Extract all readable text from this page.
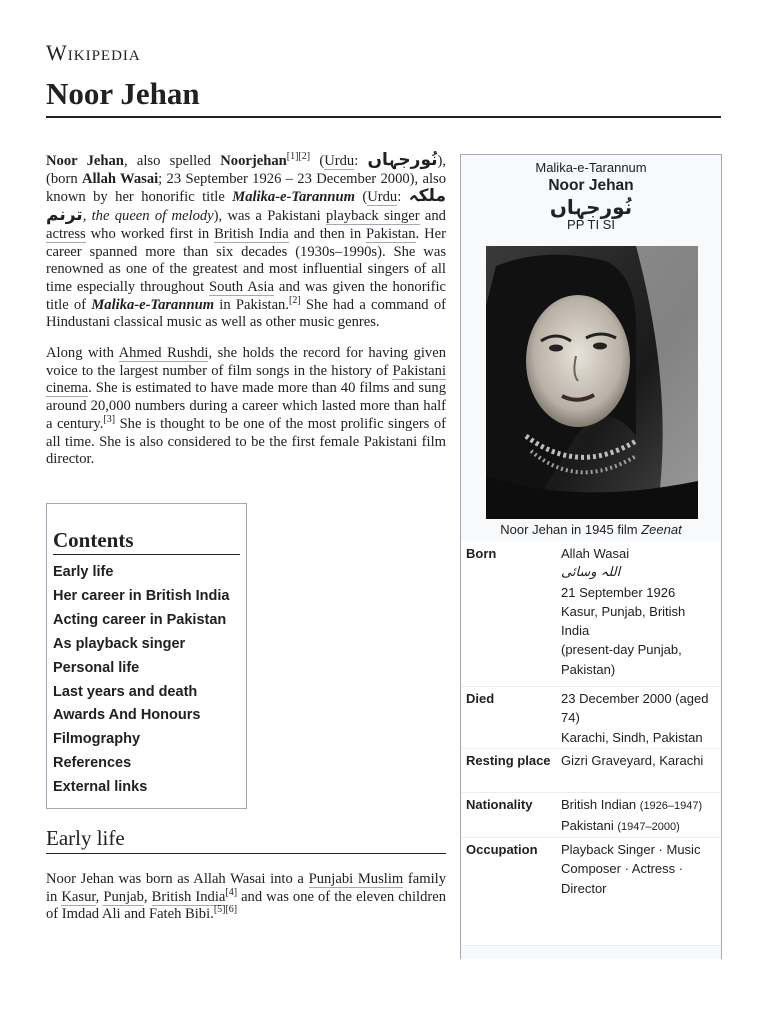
Wikipedia
Noor Jehan

Noor Jehan, also spelled Noorjehan[1][2] (Urdu: نُورجہاں), (born Allah Wasai; 23 September 1926 – 23 December 2000), also known by her honorific title Malika-e-Tarannum (Urdu: ملکہ ترنم, the queen of melody), was a Pakistani playback singer and actress who worked first in British India and then in Pakistan. Her career spanned more than six decades (1930s–1990s). She was renowned as one of the greatest and most influential singers of all time especially throughout South Asia and was given the honorific title of Malika-e-Tarannum in Pakistan.[2] She had a command of Hindustani classical music as well as other music genres.

Along with Ahmed Rushdi, she holds the record for having given voice to the largest number of film songs in the history of Pakistani cinema. She is estimated to have made more than 40 films and sung around 20,000 numbers during a career which lasted more than half a century.[3] She is thought to be one of the most prolific singers of all time. She is also considered to be the first female Pakistani film director.

Contents
Early life
Her career in British India
Acting career in Pakistan
As playback singer
Personal life
Last years and death
Awards And Honours
Filmography
References
External links
Early life

Noor Jehan was born as Allah Wasai into a Punjabi Muslim family in Kasur, Punjab, British India[4] and was one of the eleven children of Imdad Ali and Fateh Bibi.[5][6]

Malika-e-Tarannum
Noor Jehan
نُورجہاں
PP TI SI
Noor Jehan in 1945 film Zeenat
Born	Allah Wasai
اللہ وسائی
21 September 1926
Kasur, Punjab, British India
(present-day Punjab, Pakistan)
Died	23 December 2000 (aged 74)
Karachi, Sindh, Pakistan
Resting place Gizri Graveyard, Karachi
Nationality	British Indian (1926–1947)
Pakistani (1947–2000)
Occupation	Playback Singer · Music Composer · Actress · Director
